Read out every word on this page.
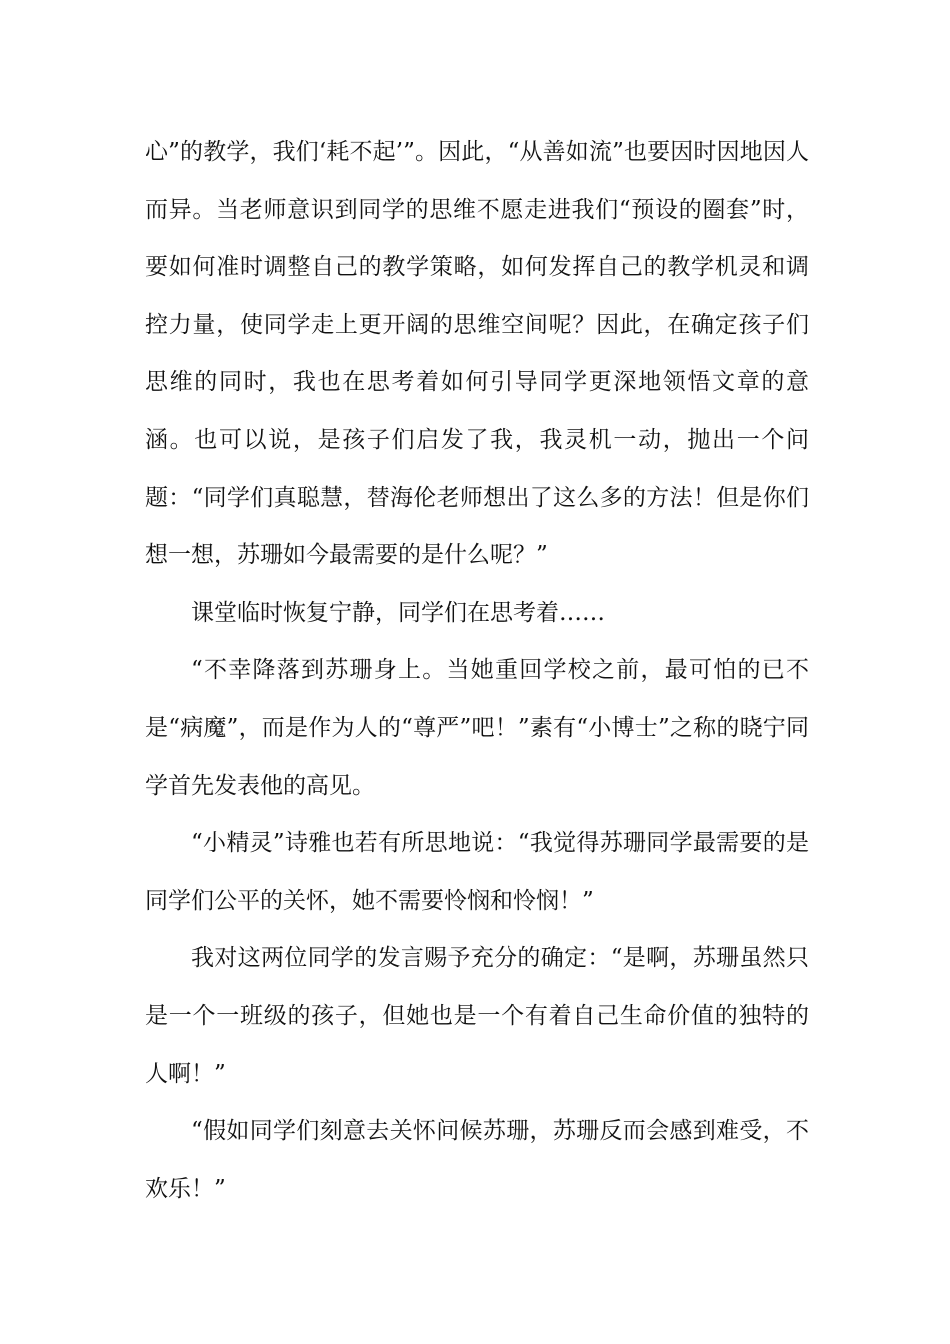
心”的教学，我们‘耗不起’”。因此，“从善如流”也要因时因地因人而异。当老师意识到同学的思维不愿走进我们“预设的圈套”时，要如何准时调整自己的教学策略，如何发挥自己的教学机灵和调控力量，使同学走上更开阔的思维空间呢？因此，在确定孩子们思维的同时，我也在思考着如何引导同学更深地领悟文章的意涵。也可以说，是孩子们启发了我，我灵机一动，抛出一个问题：“同学们真聪慧，替海伦老师想出了这么多的方法！但是你们想一想，苏珊如今最需要的是什么呢？”

课堂临时恢复宁静，同学们在思考着……

“不幸降落到苏珊身上。当她重回学校之前，最可怕的已不是“病魔”，而是作为人的“尊严”吧！”素有“小博士”之称的晓宁同学首先发表他的高见。

“小精灵”诗雅也若有所思地说：“我觉得苏珊同学最需要的是同学们公平的关怀，她不需要怜悯和怜悯！”

我对这两位同学的发言赐予充分的确定：“是啊，苏珊虽然只是一个一班级的孩子，但她也是一个有着自己生命价值的独特的人啊！”

“假如同学们刻意去关怀问候苏珊，苏珊反而会感到难受，不欢乐！”
